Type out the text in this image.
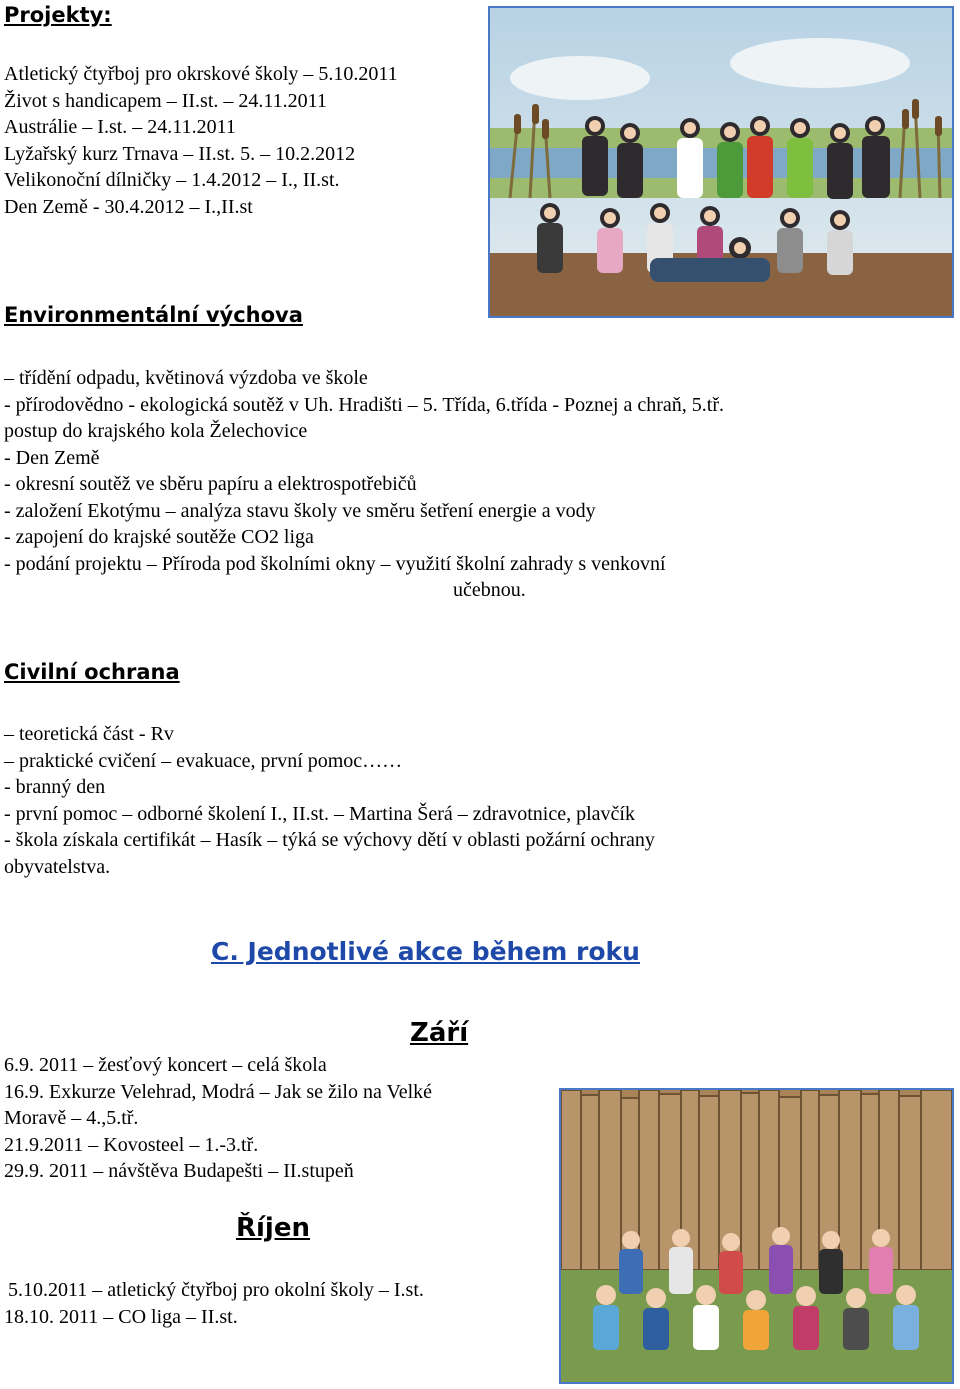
Projekty:
Atletický čtyřboj pro okrskové školy – 5.10.2011
Život s handicapem – II.st. – 24.11.2011
Austrálie – I.st. – 24.11.2011
Lyžařský kurz Trnava – II.st. 5. – 10.2.2012
Velikonoční dílničky – 1.4.2012 – I., II.st.
Den Země - 30.4.2012 – I.,II.st
Environmentální výchova
– třídění odpadu, květinová výzdoba ve škole
- přírodovědno - ekologická soutěž v Uh. Hradišti – 5. Třída, 6.třída - Poznej a chraň, 5.tř.
postup do krajského kola Želechovice
- Den Země
- okresní soutěž ve sběru papíru a elektrospotřebičů
- založení Ekotýmu – analýza stavu školy ve směru šetření energie a vody
- zapojení do krajské soutěže CO2 liga
- podání projektu – Příroda pod školními okny – využití školní zahrady s venkovní
učebnou.
Civilní ochrana
– teoretická část - Rv
– praktické cvičení – evakuace, první pomoc……
- branný den
- první pomoc – odborné školení I., II.st. – Martina Šerá – zdravotnice, plavčík
- škola získala certifikát – Hasík – týká se výchovy dětí v oblasti požární ochrany
obyvatelstva.
C. Jednotlivé akce během roku
Září
6.9. 2011 – žesťový koncert – celá škola
16.9. Exkurze Velehrad, Modrá – Jak se žilo na Velké
Moravě – 4.,5.tř.
21.9.2011 – Kovosteel – 1.-3.tř.
29.9. 2011 – návštěva Budapešti – II.stupeň
Říjen
5.10.2011 – atletický čtyřboj pro okolní školy – I.st.
18.10. 2011 – CO liga – II.st.
